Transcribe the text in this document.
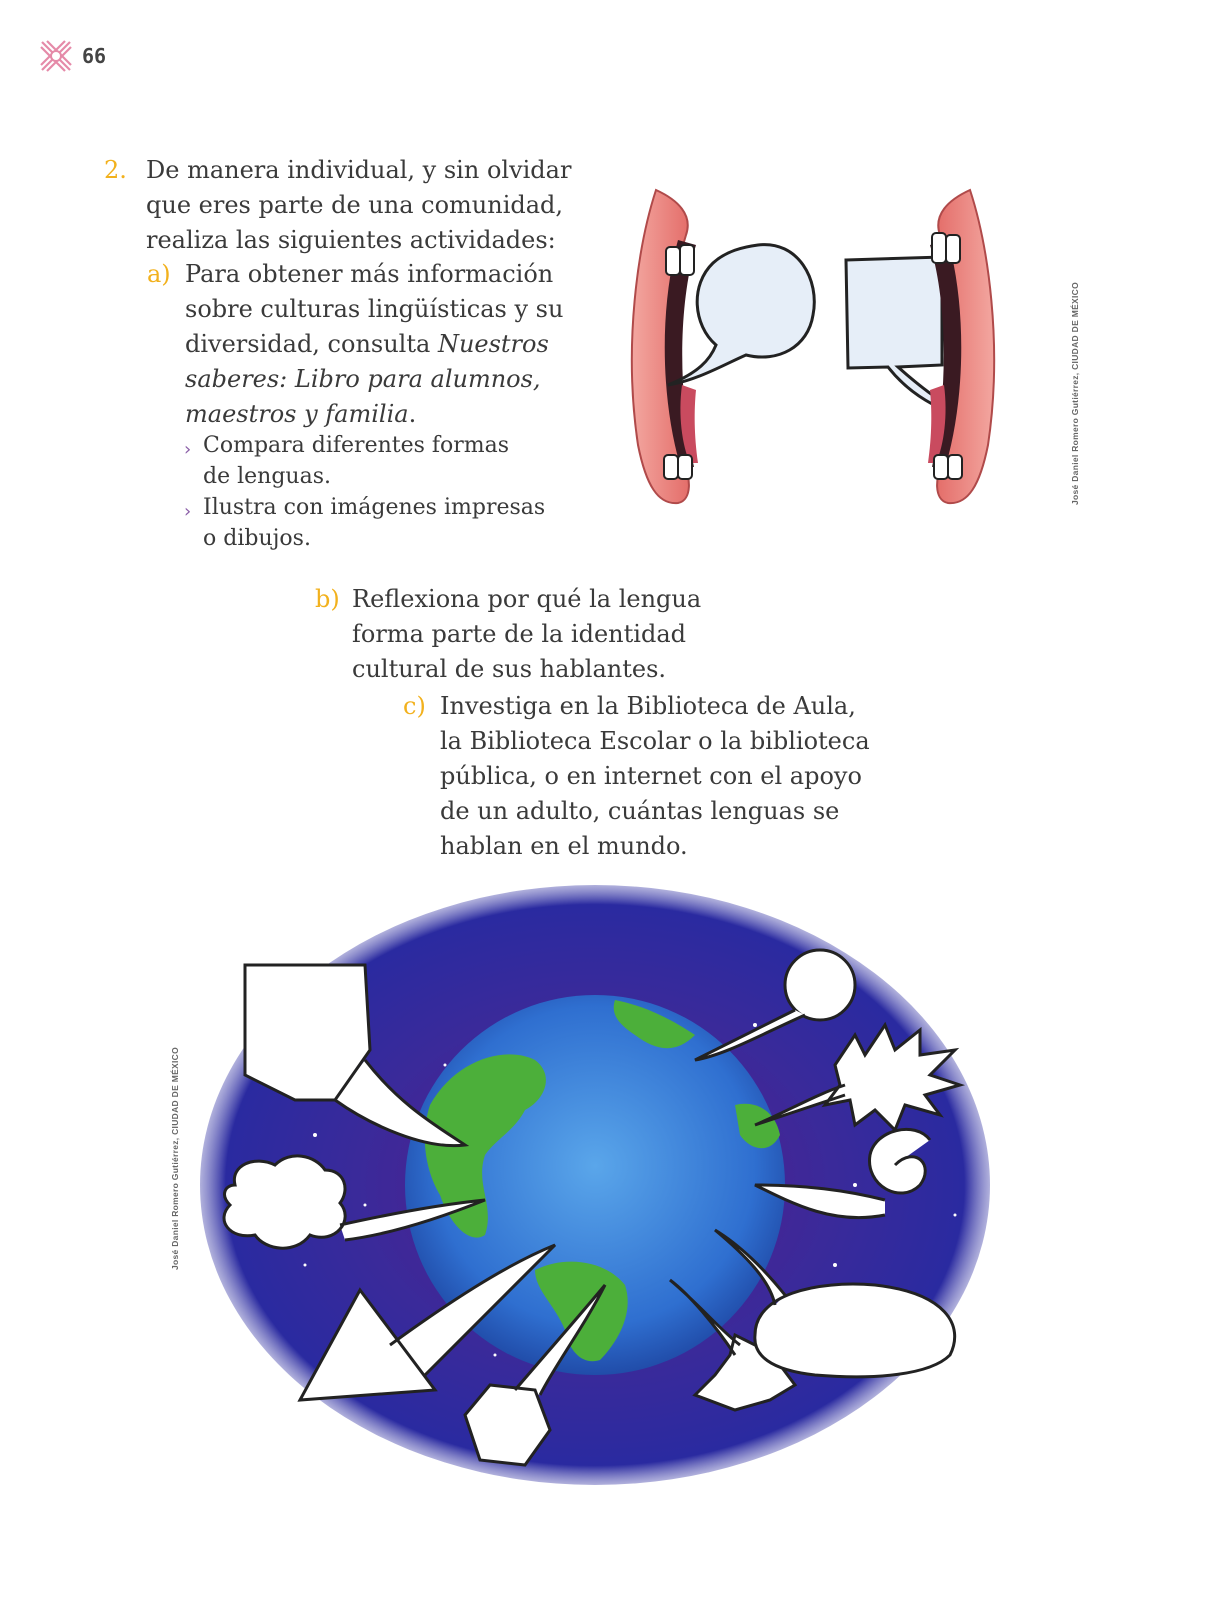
66
2. De manera individual, y sin olvidar
que eres parte de una comunidad,
realiza las siguientes actividades:
a) Para obtener más información
sobre culturas lingüísticas y su
diversidad, consulta Nuestros
saberes: Libro para alumnos,
maestros y familia.
› Compara diferentes formas
de lenguas.
› Ilustra con imágenes impresas
o dibujos.
b) Reflexiona por qué la lengua
forma parte de la identidad
cultural de sus hablantes.
c) Investiga en la Biblioteca de Aula,
la Biblioteca Escolar o la biblioteca
pública, o en internet con el apoyo
de un adulto, cuántas lenguas se
hablan en el mundo.
José Daniel Romero Gutiérrez, CIUDAD DE MÉXICO
José Daniel Romero Gutiérrez, CIUDAD DE MÉXICO
